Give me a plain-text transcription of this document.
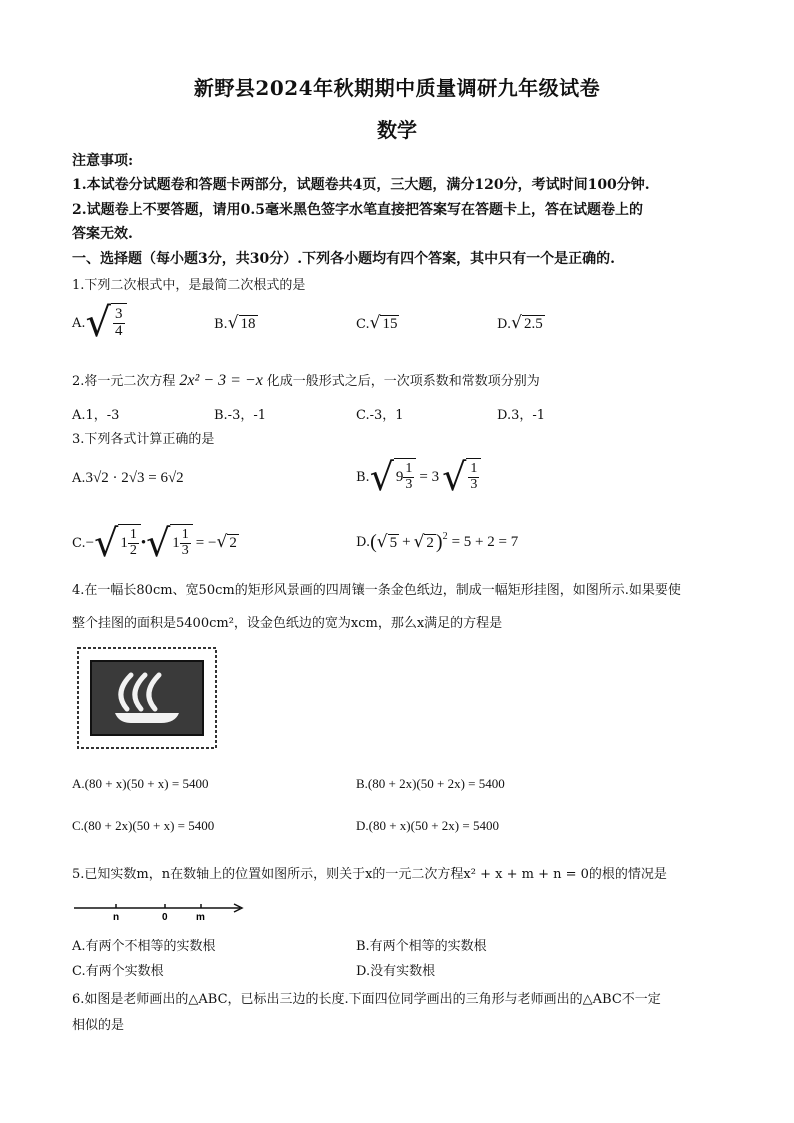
新野县2024年秋期期中质量调研九年级试卷
数学
注意事项:
1.本试卷分试题卷和答题卡两部分，试题卷共4页，三大题，满分120分，考试时间100分钟.
2.试题卷上不要答题，请用0.5毫米黑色签字水笔直接把答案写在答题卡上，答在试题卷上的
答案无效.
一、选择题（每小题3分，共30分）.下列各小题均有四个答案，其中只有一个是正确的.
1.下列二次根式中，是最简二次根式的是
A. √ $\frac{3}{4}$	B. √ 18	C. √ 15	D. √ 2.5
2.将一元二次方程 2x² − 3 = −x 化成一般形式之后，一次项系数和常数项分别为
A.1，-3	B.-3，-1	C.-3，1	D.3，-1
3.下列各式计算正确的是
A. 3√2 · 2√3 = 6√2	B. √ $9 \frac{1}{3} = 3$ √ $\frac{1}{3}$
C. − √ $1 \frac{1}{2}$ • √ $1 \frac{1}{3}$ = − √ 2	D. ( √ 5 + √ 2 )$^2$ = 5 + 2 = 7
4.在一幅长80cm、宽50cm的矩形风景画的四周镶一条金色纸边，制成一幅矩形挂图，如图所示.如果要使
整个挂图的面积是5400cm²，设金色纸边的宽为xcm，那么x满足的方程是
A.(80 + x)(50 + x) = 5400	B.(80 + 2x)(50 + 2x) = 5400
C.(80 + 2x)(50 + x) = 5400	D.(80 + x)(50 + 2x) = 5400
5.已知实数m，n在数轴上的位置如图所示，则关于x的一元二次方程x² + x + m + n = 0的根的情况是
n	0	m
A.有两个不相等的实数根	B.有两个相等的实数根
C.有两个实数根	D.没有实数根
6.如图是老师画出的△ABC，已标出三边的长度.下面四位同学画出的三角形与老师画出的△ABC不一定
相似的是
